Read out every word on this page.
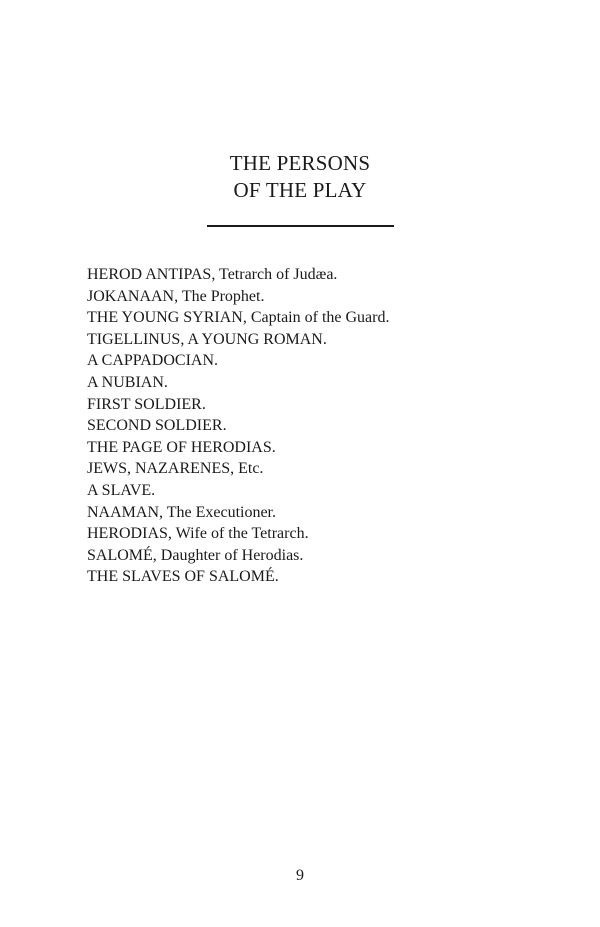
THE PERSONS
OF THE PLAY
HEROD ANTIPAS, Tetrarch of Judæa.
JOKANAAN, The Prophet.
THE YOUNG SYRIAN, Captain of the Guard.
TIGELLINUS, A YOUNG ROMAN.
A CAPPADOCIAN.
A NUBIAN.
FIRST SOLDIER.
SECOND SOLDIER.
THE PAGE OF HERODIAS.
JEWS, NAZARENES, Etc.
A SLAVE.
NAAMAN, The Executioner.
HERODIAS, Wife of the Tetrarch.
SALOMÉ, Daughter of Herodias.
THE SLAVES OF SALOMÉ.
9
